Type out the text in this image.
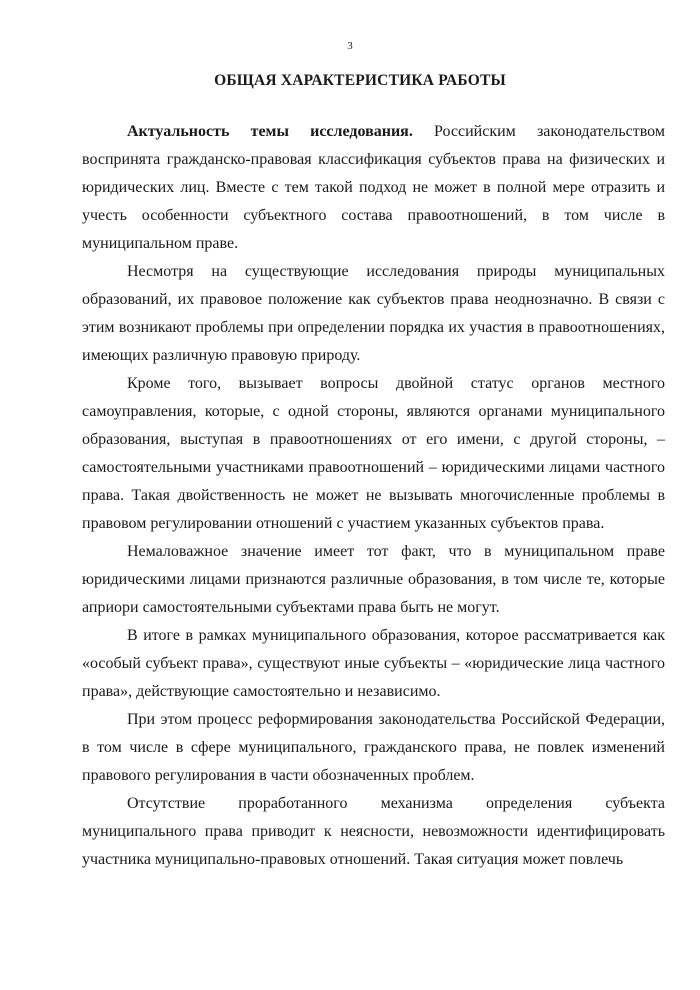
3
ОБЩАЯ ХАРАКТЕРИСТИКА РАБОТЫ

Актуальность темы исследования. Российским законодательством воспринята гражданско-правовая классификация субъектов права на физических и юридических лиц. Вместе с тем такой подход не может в полной мере отразить и учесть особенности субъектного состава правоотношений, в том числе в муниципальном праве.

Несмотря на существующие исследования природы муниципальных образований, их правовое положение как субъектов права неоднозначно. В связи с этим возникают проблемы при определении порядка их участия в правоотношениях, имеющих различную правовую природу.

Кроме того, вызывает вопросы двойной статус органов местного самоуправления, которые, с одной стороны, являются органами муниципального образования, выступая в правоотношениях от его имени, с другой стороны, – самостоятельными участниками правоотношений – юридическими лицами частного права. Такая двойственность не может не вызывать многочисленные проблемы в правовом регулировании отношений с участием указанных субъектов права.

Немаловажное значение имеет тот факт, что в муниципальном праве юридическими лицами признаются различные образования, в том числе те, которые априори самостоятельными субъектами права быть не могут.

В итоге в рамках муниципального образования, которое рассматривается как «особый субъект права», существуют иные субъекты – «юридические лица частного права», действующие самостоятельно и независимо.

При этом процесс реформирования законодательства Российской Федерации, в том числе в сфере муниципального, гражданского права, не повлек изменений правового регулирования в части обозначенных проблем.

Отсутствие проработанного механизма определения субъекта муниципального права приводит к неясности, невозможности идентифицировать участника муниципально-правовых отношений. Такая ситуация может повлечь
